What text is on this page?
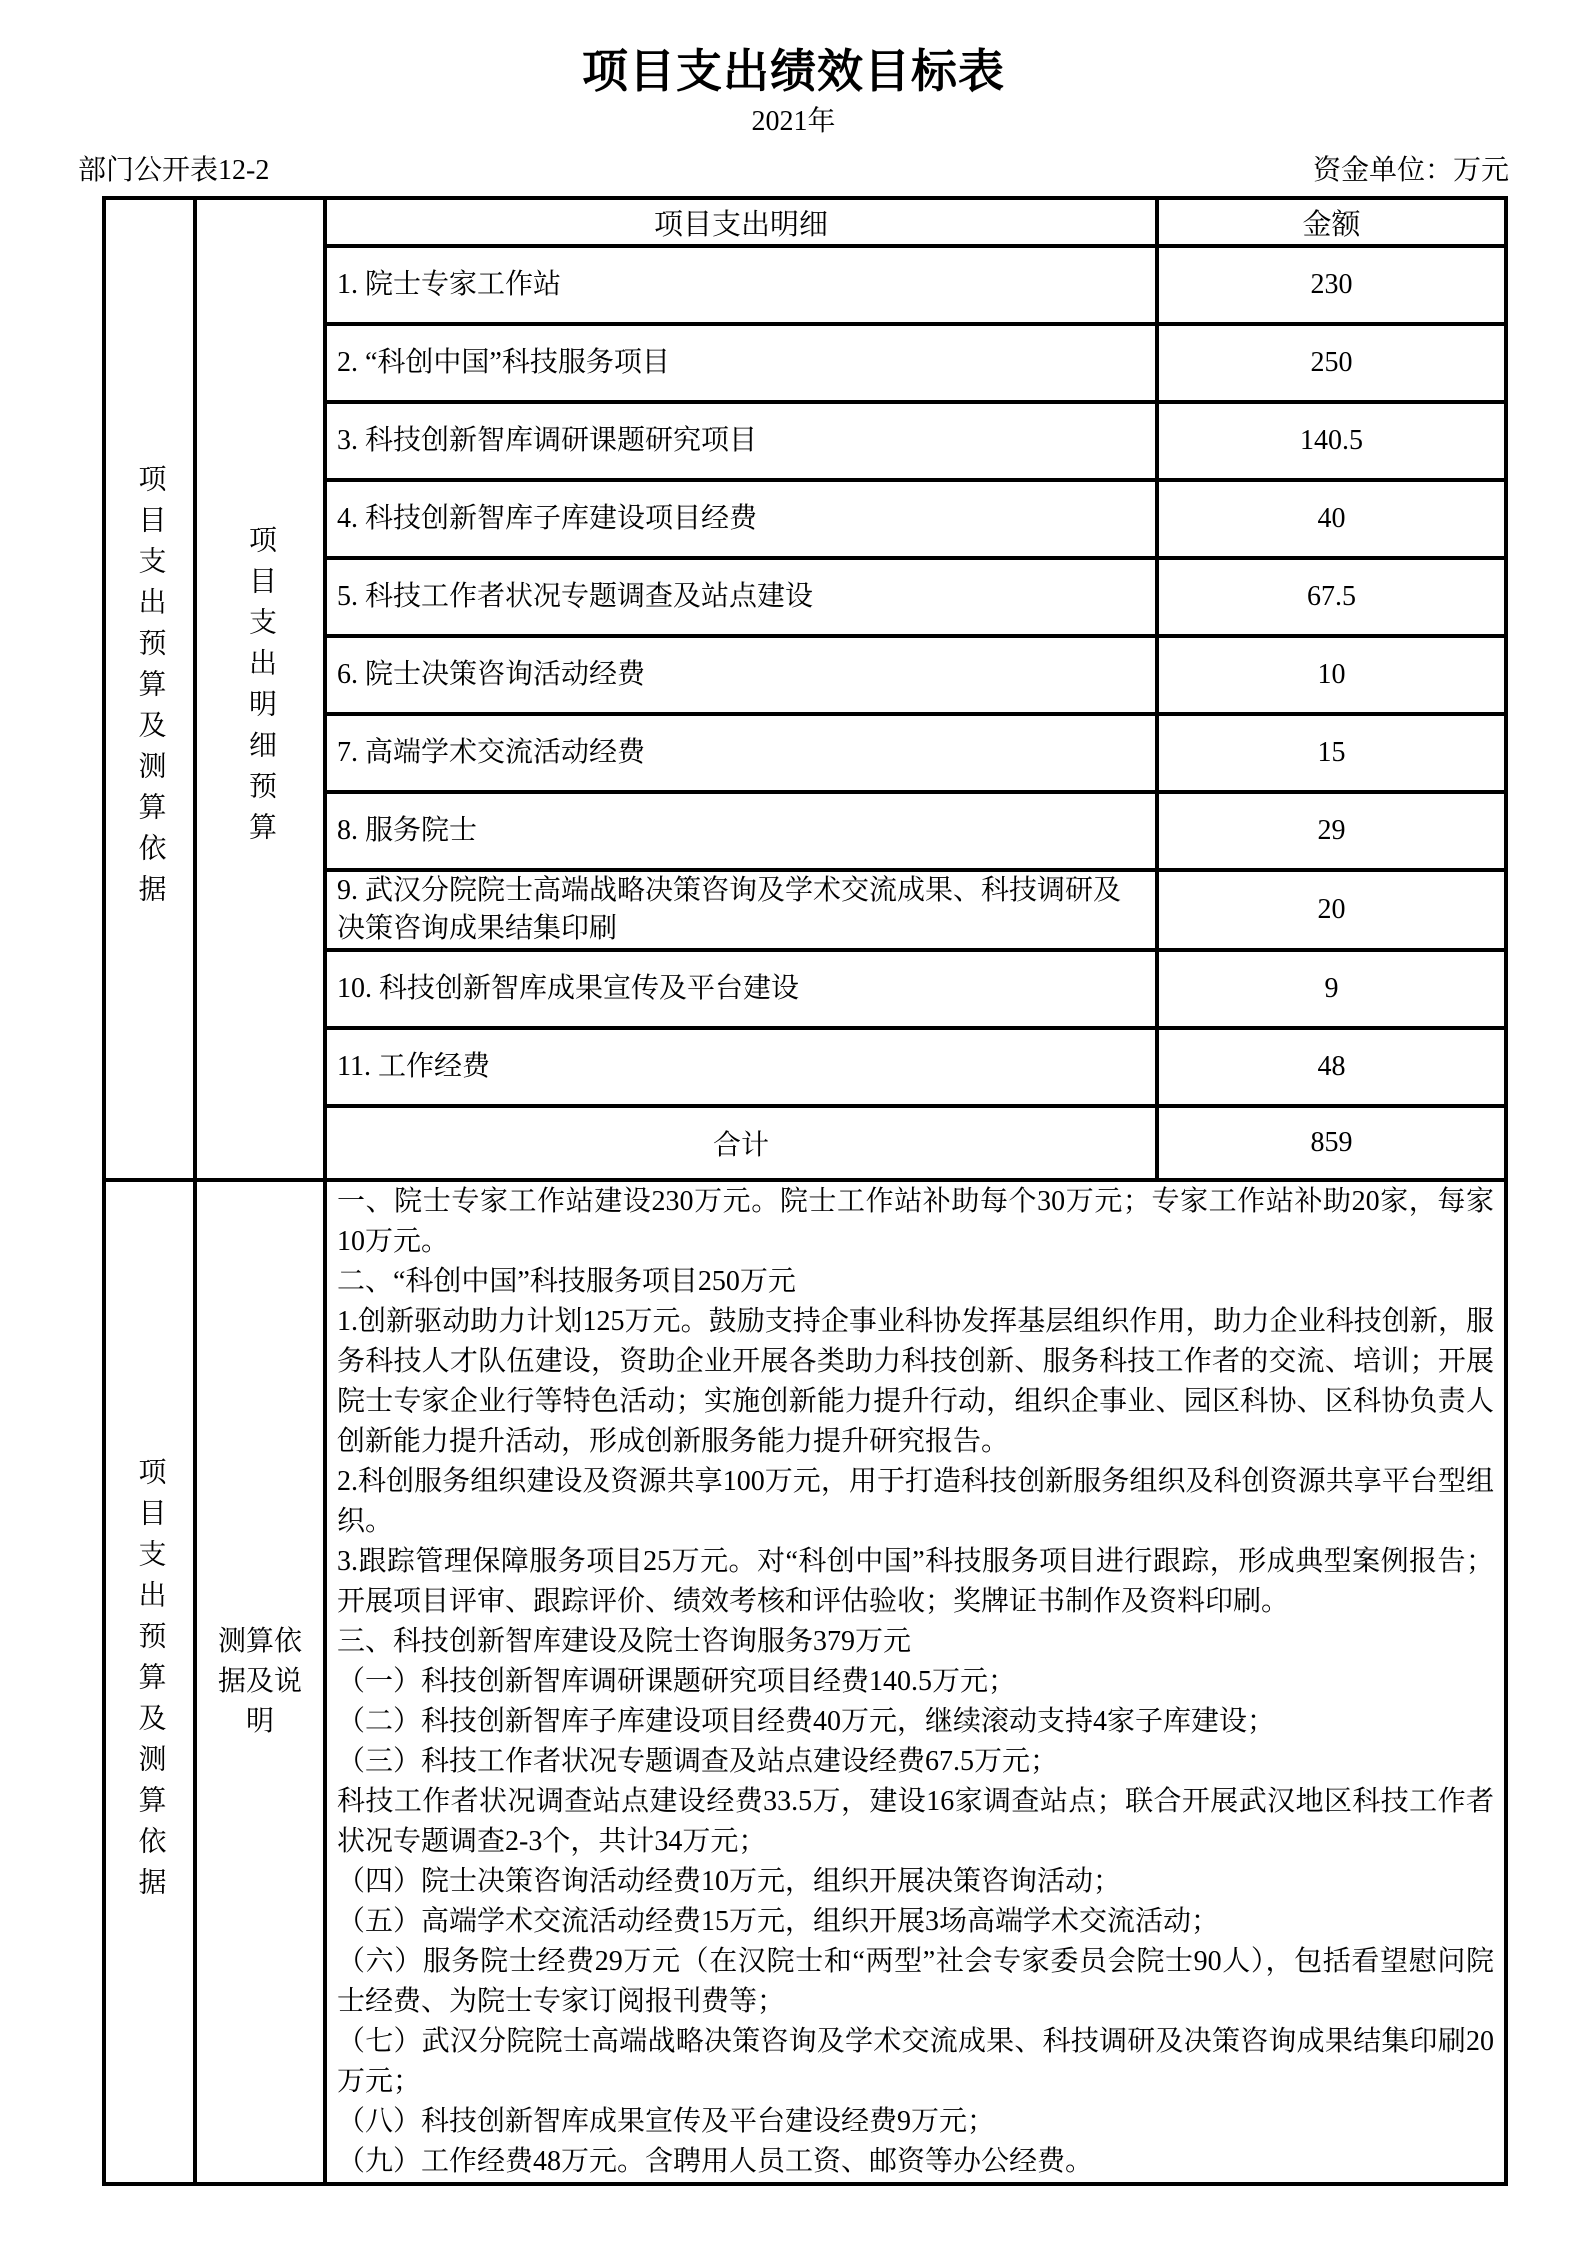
项目支出绩效目标表

2021年

部门公开表12-2	资金单位：万元
项目支出预算及测算依据	项目支出明细预算	项目支出明细	金额
		1. 院士专家工作站	230
		2. “科创中国”科技服务项目	250
		3. 科技创新智库调研课题研究项目	140.5
		4. 科技创新智库子库建设项目经费	40
		5. 科技工作者状况专题调查及站点建设	67.5
		6. 院士决策咨询活动经费	10
		7. 高端学术交流活动经费	15
		8. 服务院士	29
		9. 武汉分院院士高端战略决策咨询及学术交流成果、科技调研及决策咨询成果结集印刷	20
		10. 科技创新智库成果宣传及平台建设	9
		11. 工作经费	48
		合计	859

项目支出预算及测算依据	测算依据及说明	

一、院士专家工作站建设230万元。院士工作站补助每个30万元；专家工作站补助20家，每家10万元。

二、“科创中国”科技服务项目250万元

1.创新驱动助力计划125万元。鼓励支持企事业科协发挥基层组织作用，助力企业科技创新，服务科技人才队伍建设，资助企业开展各类助力科技创新、服务科技工作者的交流、培训；开展院士专家企业行等特色活动；实施创新能力提升行动，组织企事业、园区科协、区科协负责人创新能力提升活动，形成创新服务能力提升研究报告。

2.科创服务组织建设及资源共享100万元，用于打造科技创新服务组织及科创资源共享平台型组织。

3.跟踪管理保障服务项目25万元。对“科创中国”科技服务项目进行跟踪，形成典型案例报告；开展项目评审、跟踪评价、绩效考核和评估验收；奖牌证书制作及资料印刷。

三、科技创新智库建设及院士咨询服务379万元

（一）科技创新智库调研课题研究项目经费140.5万元；

（二）科技创新智库子库建设项目经费40万元，继续滚动支持4家子库建设；

（三）科技工作者状况专题调查及站点建设经费67.5万元；

科技工作者状况调查站点建设经费33.5万，建设16家调查站点；联合开展武汉地区科技工作者状况专题调查2-3个，共计34万元；

（四）院士决策咨询活动经费10万元，组织开展决策咨询活动；

（五）高端学术交流活动经费15万元，组织开展3场高端学术交流活动；

（六）服务院士经费29万元（在汉院士和“两型”社会专家委员会院士90人），包括看望慰问院士经费、为院士专家订阅报刊费等；

（七）武汉分院院士高端战略决策咨询及学术交流成果、科技调研及决策咨询成果结集印刷20万元；

（八）科技创新智库成果宣传及平台建设经费9万元；

（九）工作经费48万元。含聘用人员工资、邮资等办公经费。
